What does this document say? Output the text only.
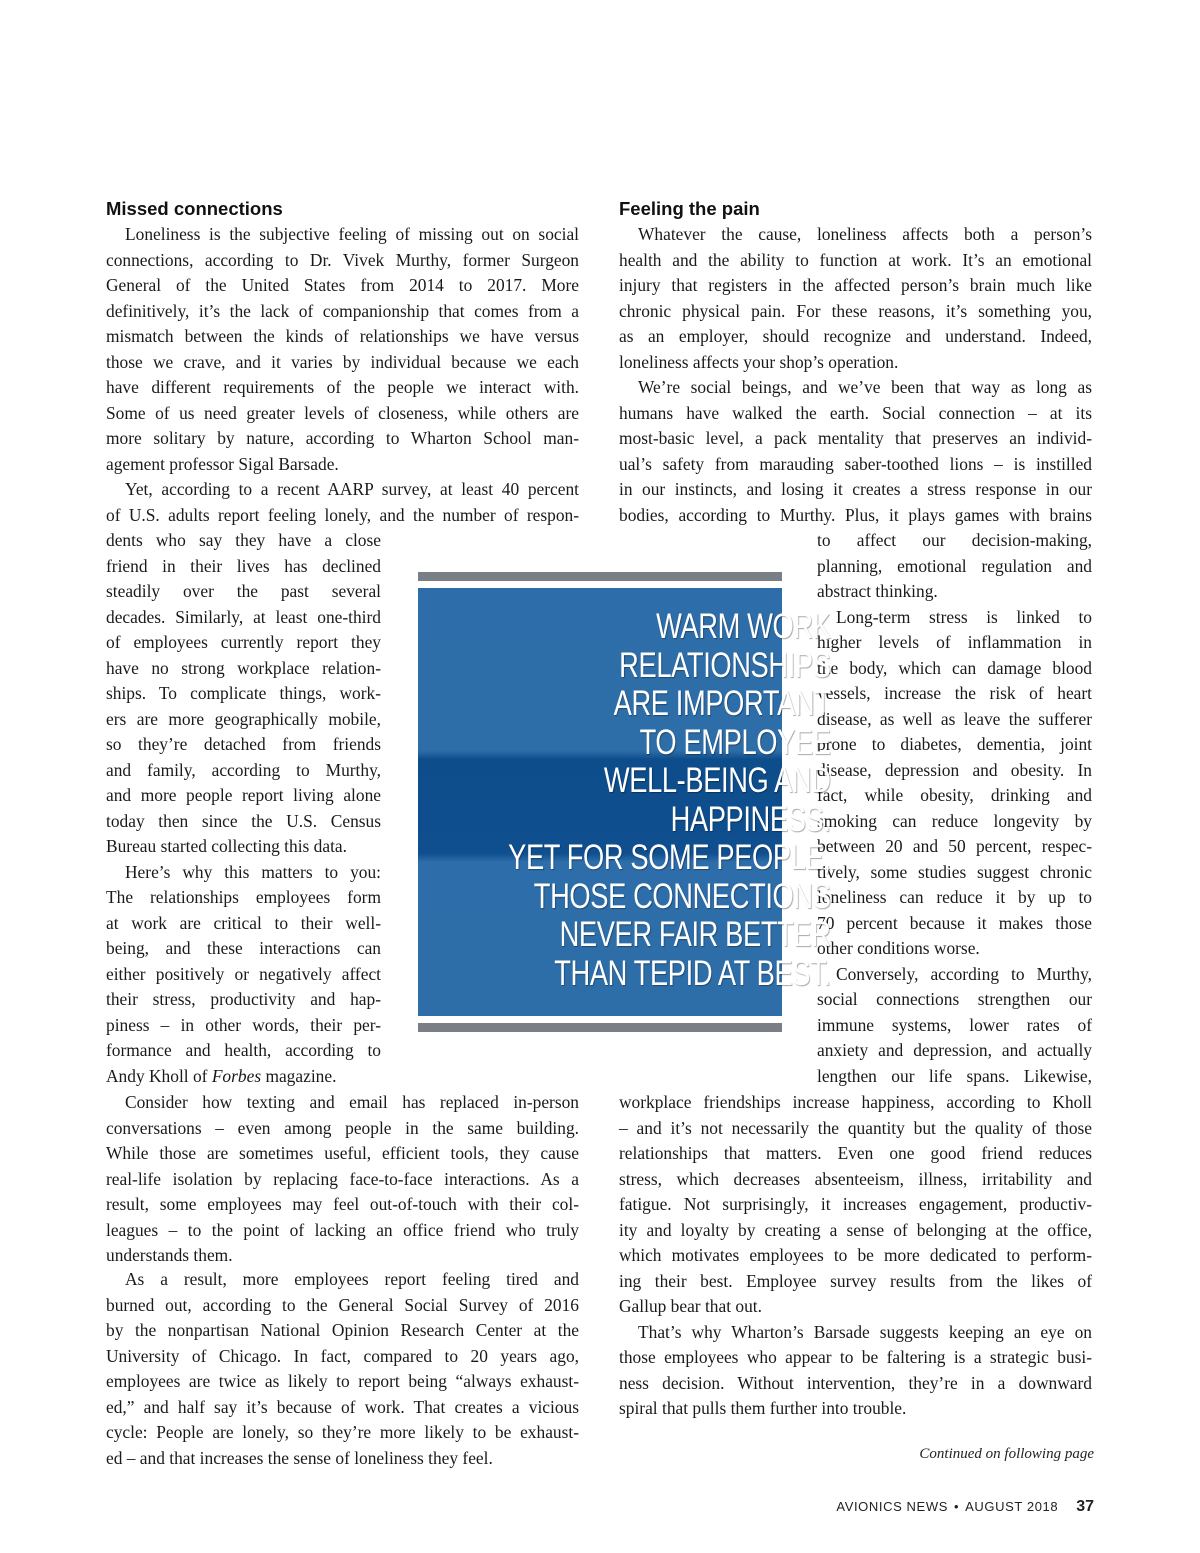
Missed connections
Loneliness is the subjective feeling of missing out on social
connections, according to Dr. Vivek Murthy, former Surgeon
General of the United States from 2014 to 2017. More
definitively, it’s the lack of companionship that comes from a
mismatch between the kinds of relationships we have versus
those we crave, and it varies by individual because we each
have different requirements of the people we interact with.
Some of us need greater levels of closeness, while others are
more solitary by nature, according to Wharton School man-
agement professor Sigal Barsade.
Yet, according to a recent AARP survey, at least 40 percent
of U.S. adults report feeling lonely, and the number of respon-
dents who say they have a close
friend in their lives has declined
steadily over the past several
decades. Similarly, at least one-third
of employees currently report they
have no strong workplace relation-
ships. To complicate things, work-
ers are more geographically mobile,
so they’re detached from friends
and family, according to Murthy,
and more people report living alone
today then since the U.S. Census
Bureau started collecting this data.
Here’s why this matters to you:
The relationships employees form
at work are critical to their well-
being, and these interactions can
either positively or negatively affect
their stress, productivity and hap-
piness – in other words, their per-
formance and health, according to
Andy Kholl of Forbes magazine.
Consider how texting and email has replaced in-person
conversations – even among people in the same building.
While those are sometimes useful, efficient tools, they cause
real-life isolation by replacing face-to-face interactions. As a
result, some employees may feel out-of-touch with their col-
leagues – to the point of lacking an office friend who truly
understands them.
As a result, more employees report feeling tired and
burned out, according to the General Social Survey of 2016
by the nonpartisan National Opinion Research Center at the
University of Chicago. In fact, compared to 20 years ago,
employees are twice as likely to report being “always exhaust-
ed,” and half say it’s because of work. That creates a vicious
cycle: People are lonely, so they’re more likely to be exhaust-
ed – and that increases the sense of loneliness they feel.
Feeling the pain
Whatever the cause, loneliness affects both a person’s
health and the ability to function at work. It’s an emotional
injury that registers in the affected person’s brain much like
chronic physical pain. For these reasons, it’s something you,
as an employer, should recognize and understand. Indeed,
loneliness affects your shop’s operation.
We’re social beings, and we’ve been that way as long as
humans have walked the earth. Social connection – at its
most-basic level, a pack mentality that preserves an individ-
ual’s safety from marauding saber-toothed lions – is instilled
in our instincts, and losing it creates a stress response in our
bodies, according to Murthy. Plus, it plays games with brains
to affect our decision-making,
planning, emotional regulation and
abstract thinking.
Long-term stress is linked to
higher levels of inflammation in
the body, which can damage blood
vessels, increase the risk of heart
disease, as well as leave the sufferer
prone to diabetes, dementia, joint
disease, depression and obesity. In
fact, while obesity, drinking and
smoking can reduce longevity by
between 20 and 50 percent, respec-
tively, some studies suggest chronic
loneliness can reduce it by up to
70 percent because it makes those
other conditions worse.
Conversely, according to Murthy,
social connections strengthen our
immune systems, lower rates of
anxiety and depression, and actually
lengthen our life spans. Likewise,
workplace friendships increase happiness, according to Kholl
– and it’s not necessarily the quantity but the quality of those
relationships that matters. Even one good friend reduces
stress, which decreases absenteeism, illness, irritability and
fatigue. Not surprisingly, it increases engagement, productiv-
ity and loyalty by creating a sense of belonging at the office,
which motivates employees to be more dedicated to perform-
ing their best. Employee survey results from the likes of
Gallup bear that out.
That’s why Wharton’s Barsade suggests keeping an eye on
those employees who appear to be faltering is a strategic busi-
ness decision. Without intervention, they’re in a downward
spiral that pulls them further into trouble.
WARM WORK
RELATIONSHIPS
ARE IMPORTANT
TO EMPLOYEE
WELL-BEING AND
HAPPINESS.
YET FOR SOME PEOPLE,
THOSE CONNECTIONS
NEVER FAIR BETTER
THAN TEPID AT BEST.
Continued on following page
AVIONICS NEWS • AUGUST 2018 37
